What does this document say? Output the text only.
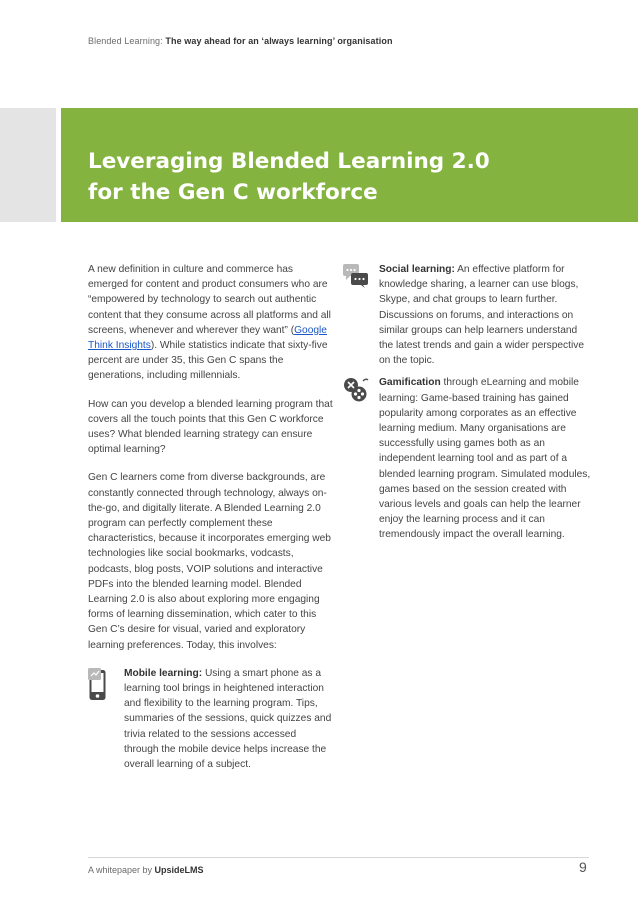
Blended Learning: The way ahead for an ‘always learning’ organisation
Leveraging Blended Learning 2.0
for the Gen C workforce

A new definition in culture and commerce has emerged for content and product consumers who are “empowered by technology to search out authentic content that they consume across all platforms and all screens, whenever and wherever they want” (Google Think Insights). While statistics indicate that sixty-five percent are under 35, this Gen C spans the generations, including millennials.

How can you develop a blended learning program that covers all the touch points that this Gen C workforce uses? What blended learning strategy can ensure optimal learning?

Gen C learners come from diverse backgrounds, are constantly connected through technology, always on-the-go, and digitally literate. A Blended Learning 2.0 program can perfectly complement these characteristics, because it incorporates emerging web technologies like social bookmarks, vodcasts, podcasts, blog posts, VOIP solutions and interactive PDFs into the blended learning model. Blended Learning 2.0 is also about exploring more engaging forms of learning dissemination, which cater to this Gen C’s desire for visual, varied and exploratory learning preferences. Today, this involves:

Mobile learning: Using a smart phone as a learning tool brings in heightened interaction and flexibility to the learning program. Tips, summaries of the sessions, quick quizzes and trivia related to the sessions accessed through the mobile device helps increase the overall learning of a subject.
Social learning: An effective platform for knowledge sharing, a learner can use blogs, Skype, and chat groups to learn further. Discussions on forums, and interactions on similar groups can help learners understand the latest trends and gain a wider perspective on the topic.
Gamification through eLearning and mobile learning: Game-based training has gained popularity among corporates as an effective learning medium. Many organisations are successfully using games both as an independent learning tool and as part of a blended learning program. Simulated modules, games based on the session created with various levels and goals can help the learner enjoy the learning process and it can tremendously impact the overall learning.
A whitepaper by UpsideLMS	9
